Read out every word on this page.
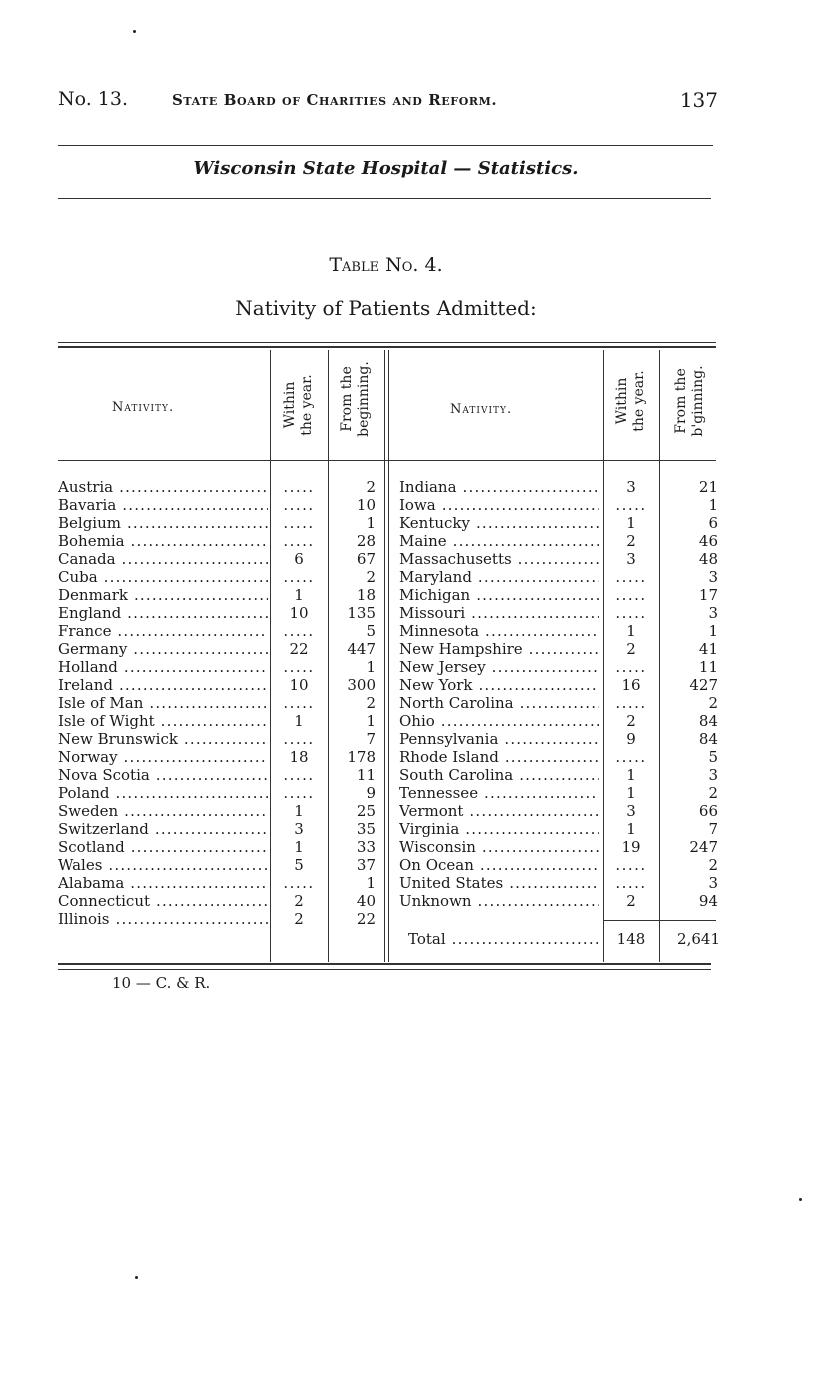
No. 13.	State Board of Charities and Reform.	137
Wisconsin State Hospital — Statistics.
Table No. 4.
Nativity of Patients Admitted:
Nativity.	Within the year. From the beginning.	Nativity.	Within the year. From the b'ginning.
Austria .....	.....	2
Bavaria .....	.....	10
Belgium .....	.....	1
Bohemia .....	.....	28
Canada .....	6	67
Cuba .....	.....	2
Denmark .....	1	18
England .....	10	135
France .....	.....	5
Germany .....	22	447
Holland .....	.....	1
Ireland .....	10	300
Isle of Man .....	.....	2
Isle of Wight .....	1	1
New Brunswick .....	.....	7
Norway .....	18	178
Nova Scotia .....	.....	11
Poland .....	.....	9
Sweden .....	1	25
Switzerland .....	3	35
Scotland .....	1	33
Wales .....	5	37
Alabama .....	.....	1
Connecticut .....	2	40
Illinois .....	2	22
Indiana .....	3	21
Iowa .....	.....	1
Kentucky .....	1	6
Maine .....	2	46
Massachusetts .....	3	48
Maryland .....	.....	3
Michigan .....	.....	17
Missouri .....	.....	3
Minnesota .....	1	1
New Hampshire .....	2	41
New Jersey .....	.....	11
New York .....	16	427
North Carolina .....	.....	2
Ohio .....	2	84
Pennsylvania .....	9	84
Rhode Island .....	.....	5
South Carolina .....	1	3
Tennessee .....	1	2
Vermont .....	3	66
Virginia .....	1	7
Wisconsin .....	19	247
On Ocean .....	.....	2
United States .....	.....	3
Unknown .....	2	94
Total .....	148	2,641
10 — C. & R.
